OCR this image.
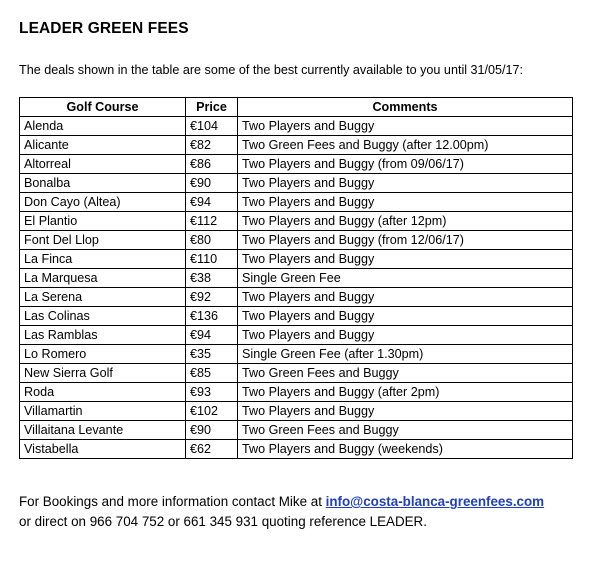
LEADER GREEN FEES
The deals shown in the table are some of the best currently available to you until 31/05/17:
Golf Course	Price	Comments
Alenda	€104	Two Players and Buggy
Alicante	€82	Two Green Fees and Buggy (after 12.00pm)
Altorreal	€86	Two Players and Buggy (from 09/06/17)
Bonalba	€90	Two Players and Buggy
Don Cayo (Altea)	€94	Two Players and Buggy
El Plantio	€112	Two Players and Buggy (after 12pm)
Font Del Llop	€80	Two Players and Buggy (from 12/06/17)
La Finca	€110	Two Players and Buggy
La Marquesa	€38	Single Green Fee
La Serena	€92	Two Players and Buggy
Las Colinas	€136	Two Players and Buggy
Las Ramblas	€94	Two Players and Buggy
Lo Romero	€35	Single Green Fee (after 1.30pm)
New Sierra Golf	€85	Two Green Fees and Buggy
Roda	€93	Two Players and Buggy (after 2pm)
Villamartin	€102	Two Players and Buggy
Villaitana Levante	€90	Two Green Fees and Buggy
Vistabella	€62	Two Players and Buggy (weekends)
For Bookings and more information contact Mike at info@costa-blanca-greenfees.com
or direct on 966 704 752 or 661 345 931 quoting reference LEADER.
